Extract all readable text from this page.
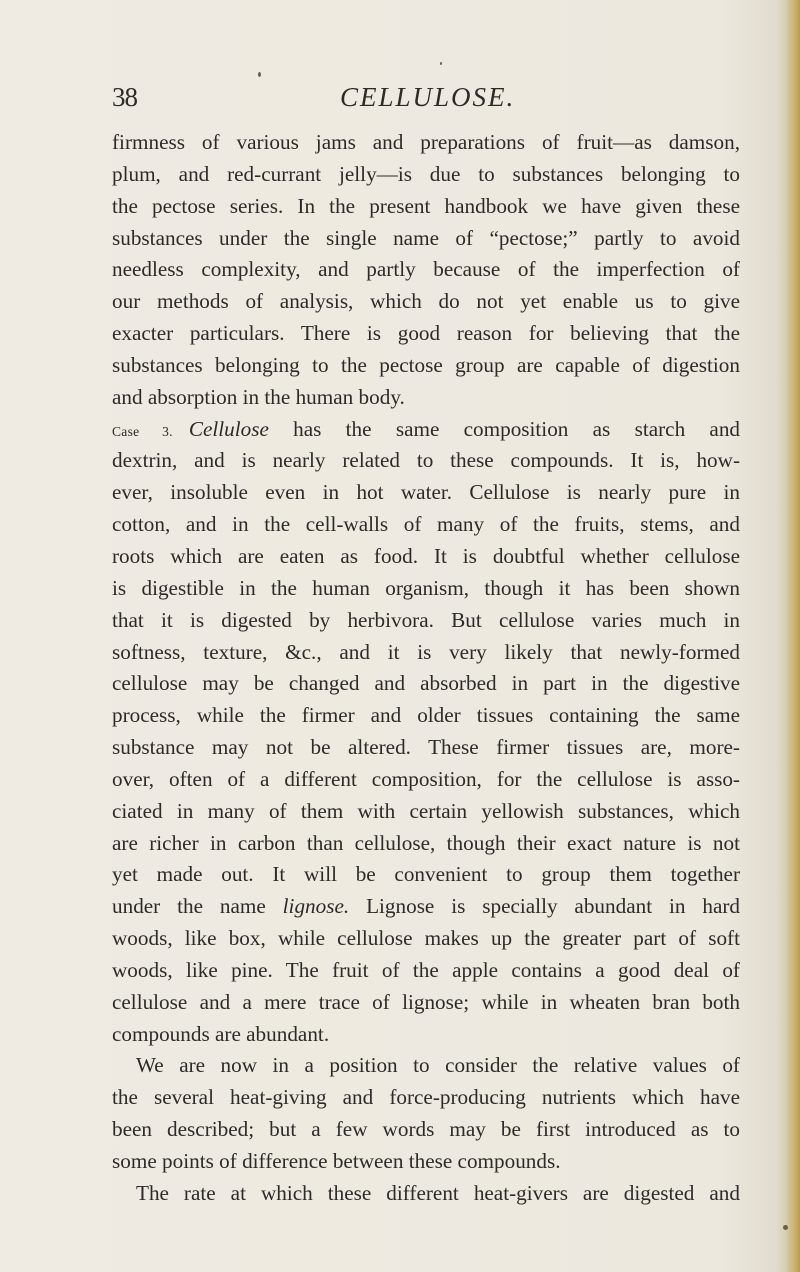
38	CELLULOSE.
firmness of various jams and preparations of fruit—as damson,
plum, and red-currant jelly—is due to substances belonging to
the pectose series. In the present handbook we have given these
substances under the single name of “pectose;” partly to avoid
needless complexity, and partly because of the imperfection of
our methods of analysis, which do not yet enable us to give
exacter particulars. There is good reason for believing that the
substances belonging to the pectose group are capable of digestion
and absorption in the human body.
Case 3. Cellulose has the same composition as starch and
dextrin, and is nearly related to these compounds. It is, how-
ever, insoluble even in hot water. Cellulose is nearly pure in
cotton, and in the cell-walls of many of the fruits, stems, and
roots which are eaten as food. It is doubtful whether cellulose
is digestible in the human organism, though it has been shown
that it is digested by herbivora. But cellulose varies much in
softness, texture, &c., and it is very likely that newly-formed
cellulose may be changed and absorbed in part in the digestive
process, while the firmer and older tissues containing the same
substance may not be altered. These firmer tissues are, more-
over, often of a different composition, for the cellulose is asso-
ciated in many of them with certain yellowish substances, which
are richer in carbon than cellulose, though their exact nature is not
yet made out. It will be convenient to group them together
under the name lignose. Lignose is specially abundant in hard
woods, like box, while cellulose makes up the greater part of soft
woods, like pine. The fruit of the apple contains a good deal of
cellulose and a mere trace of lignose; while in wheaten bran both
compounds are abundant.
We are now in a position to consider the relative values of
the several heat-giving and force-producing nutrients which have
been described; but a few words may be first introduced as to
some points of difference between these compounds.
The rate at which these different heat-givers are digested and
